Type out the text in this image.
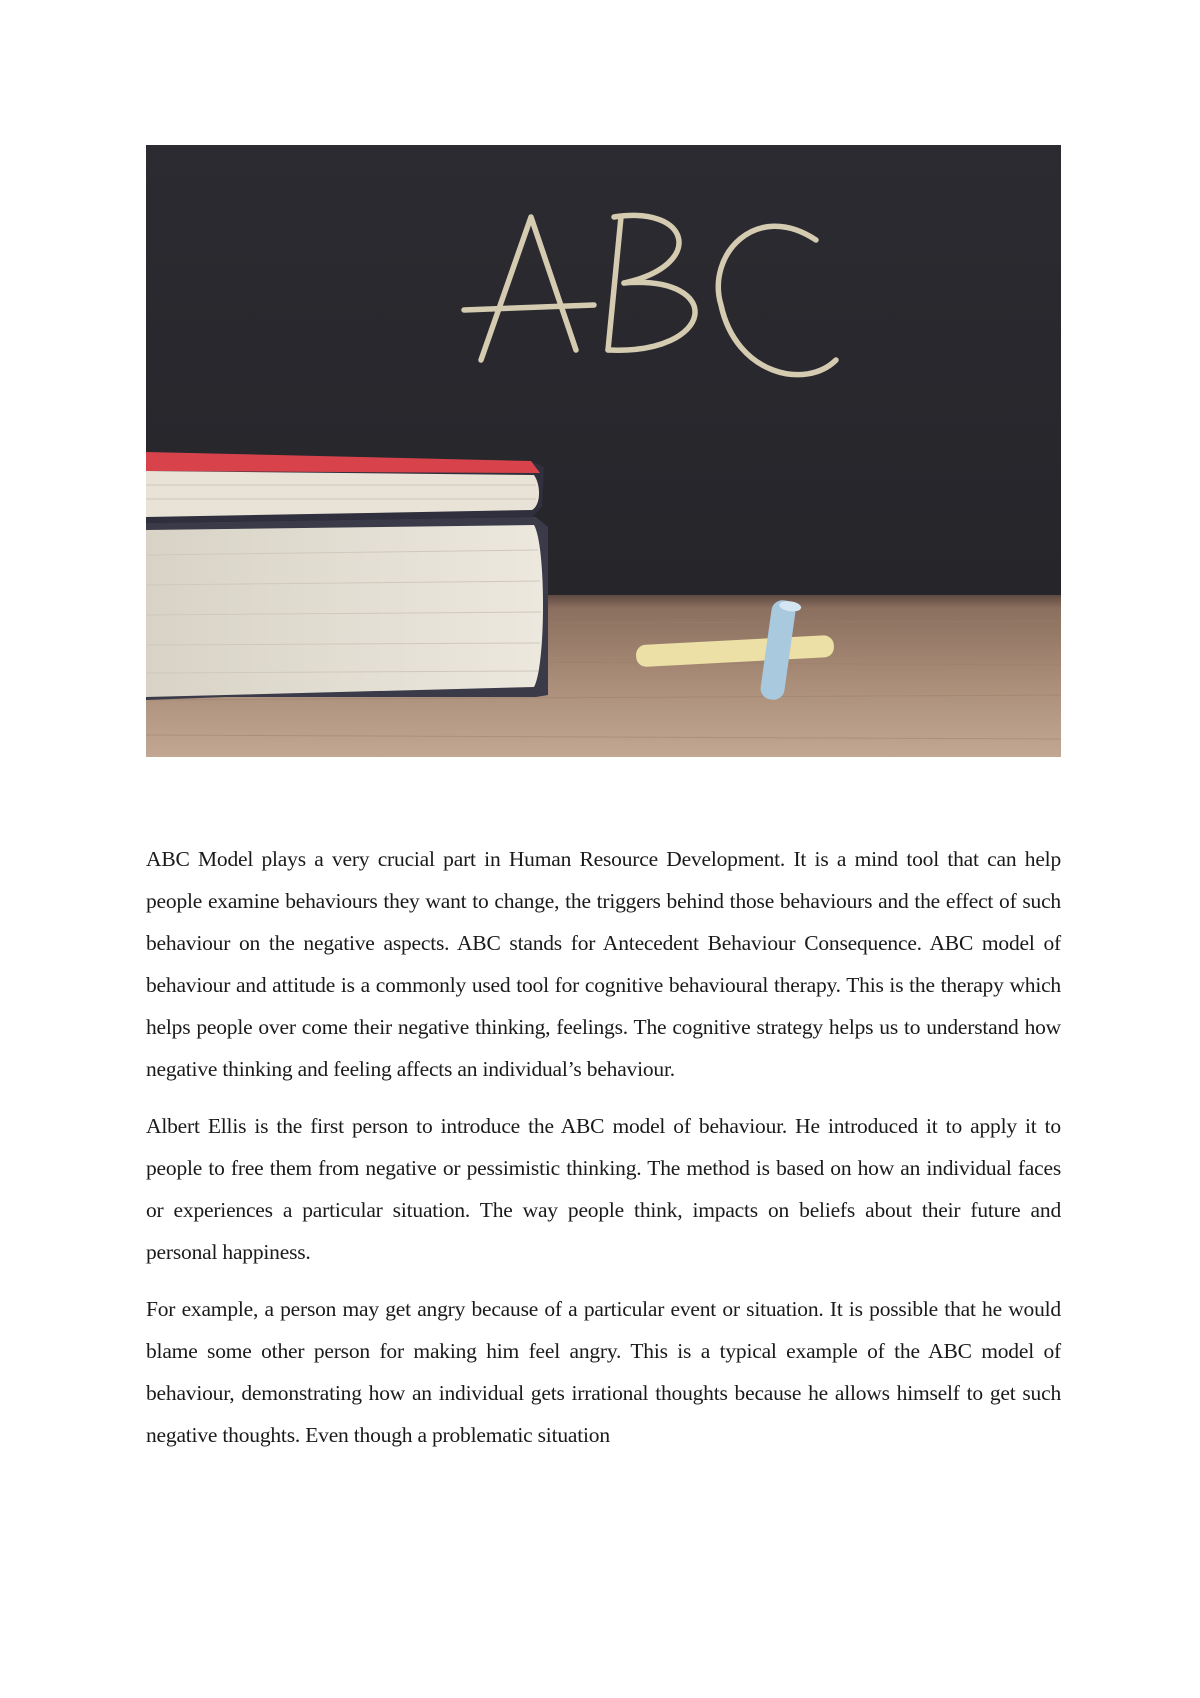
ABC Model plays a very crucial part in Human Resource Development. It is a mind tool that can help people examine behaviours they want to change, the triggers behind those behaviours and the effect of such behaviour on the negative aspects. ABC stands for Antecedent Behaviour Consequence. ABC model of behaviour and attitude is a commonly used tool for cognitive behavioural therapy. This is the therapy which helps people over come their negative thinking, feelings. The cognitive strategy helps us to understand how negative thinking and feeling affects an individual’s behaviour.

Albert Ellis is the first person to introduce the ABC model of behaviour. He introduced it to apply it to people to free them from negative or pessimistic thinking. The method is based on how an individual faces or experiences a particular situation. The way people think, impacts on beliefs about their future and personal happiness.

For example, a person may get angry because of a particular event or situation. It is possible that he would blame some other person for making him feel angry. This is a typical example of the ABC model of behaviour, demonstrating how an individual gets irrational thoughts because he allows himself to get such negative thoughts. Even though a problematic situation
